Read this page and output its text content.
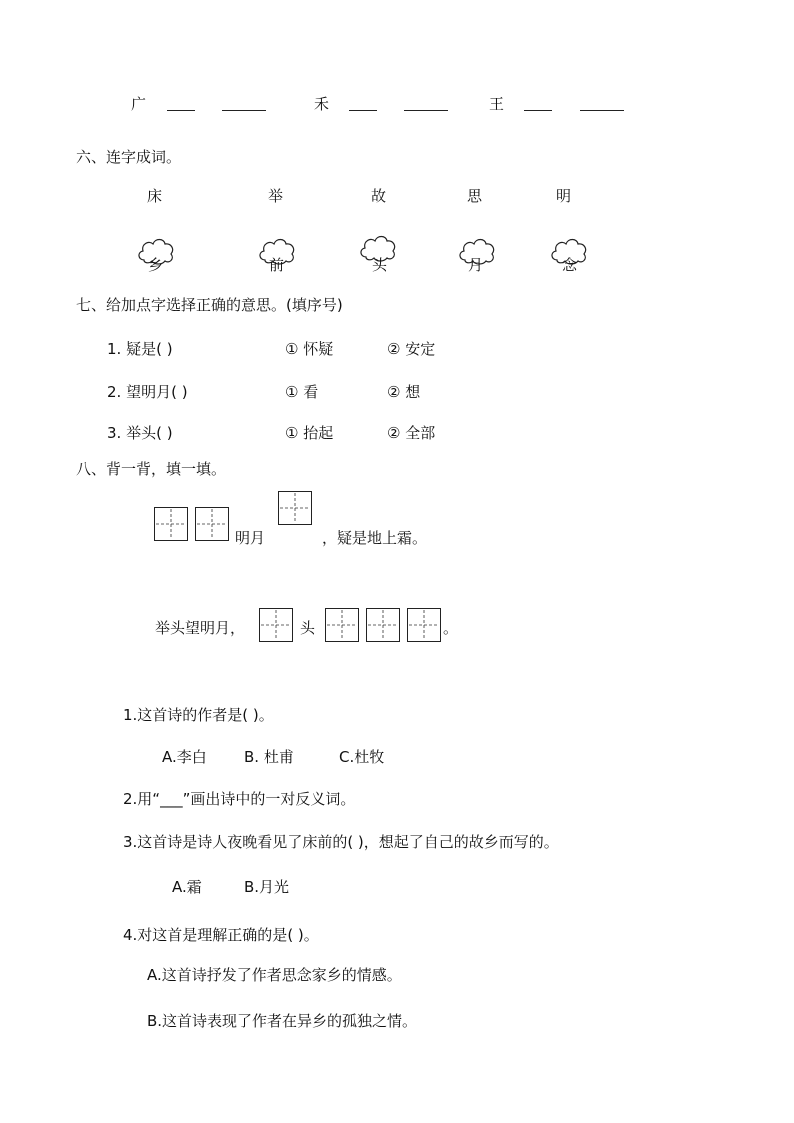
广	禾	王
六、连字成词。
床	举	故	思	明
乡	前	头	月	念
七、给加点字选择正确的意思。(填序号)
1. 疑是( )	① 怀疑	② 安定
2. 望明月( )	① 看	② 想
3. 举头( )	① 抬起	② 全部
八、背一背，填一填。
明月	，疑是地上霜。
举头望明月，	头	。
1.这首诗的作者是( )。
A.李白 B. 杜甫	C.杜牧
2.用“___”画出诗中的一对反义词。
3.这首诗是诗人夜晚看见了床前的( )，想起了自己的故乡而写的。
A.霜	B.月光
4.对这首是理解正确的是( )。
A.这首诗抒发了作者思念家乡的情感。
B.这首诗表现了作者在异乡的孤独之情。
